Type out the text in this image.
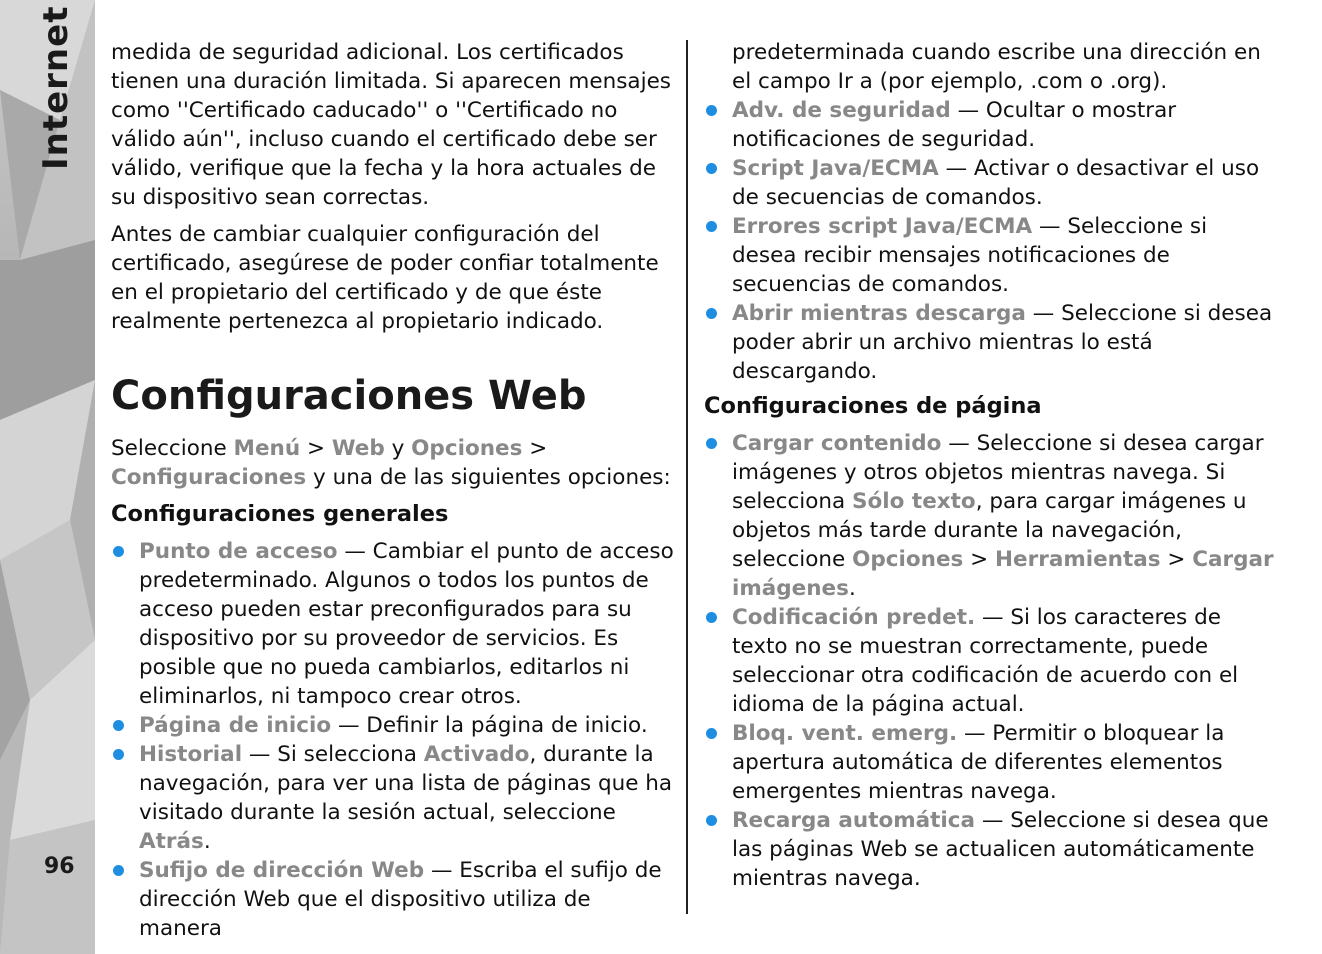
Internet
96

medida de seguridad adicional. Los certificados tienen una duración limitada. Si aparecen mensajes como ''Certificado caducado'' o ''Certificado no válido aún'', incluso cuando el certificado debe ser válido, verifique que la fecha y la hora actuales de su dispositivo sean correctas.

Antes de cambiar cualquier configuración del certificado, asegúrese de poder confiar totalmente en el propietario del certificado y de que éste realmente pertenezca al propietario indicado.

Configuraciones Web

Seleccione Menú > Web y Opciones > Configuraciones y una de las siguientes opciones:

Configuraciones generales
Punto de acceso — Cambiar el punto de acceso predeterminado. Algunos o todos los puntos de acceso pueden estar preconfigurados para su dispositivo por su proveedor de servicios. Es posible que no pueda cambiarlos, editarlos ni eliminarlos, ni tampoco crear otros.
Página de inicio — Definir la página de inicio.
Historial — Si selecciona Activado, durante la navegación, para ver una lista de páginas que ha visitado durante la sesión actual, seleccione Atrás.
Sufijo de dirección Web — Escriba el sufijo de dirección Web que el dispositivo utiliza de manera
predeterminada cuando escribe una dirección en el campo Ir a (por ejemplo, .com o .org).
Adv. de seguridad — Ocultar o mostrar notificaciones de seguridad.
Script Java/ECMA — Activar o desactivar el uso de secuencias de comandos.
Errores script Java/ECMA — Seleccione si desea recibir mensajes notificaciones de secuencias de comandos.
Abrir mientras descarga — Seleccione si desea poder abrir un archivo mientras lo está descargando.
Configuraciones de página
Cargar contenido — Seleccione si desea cargar imágenes y otros objetos mientras navega. Si selecciona Sólo texto, para cargar imágenes u objetos más tarde durante la navegación, seleccione Opciones > Herramientas > Cargar imágenes.
Codificación predet. — Si los caracteres de texto no se muestran correctamente, puede seleccionar otra codificación de acuerdo con el idioma de la página actual.
Bloq. vent. emerg. — Permitir o bloquear la apertura automática de diferentes elementos emergentes mientras navega.
Recarga automática — Seleccione si desea que las páginas Web se actualicen automáticamente mientras navega.
